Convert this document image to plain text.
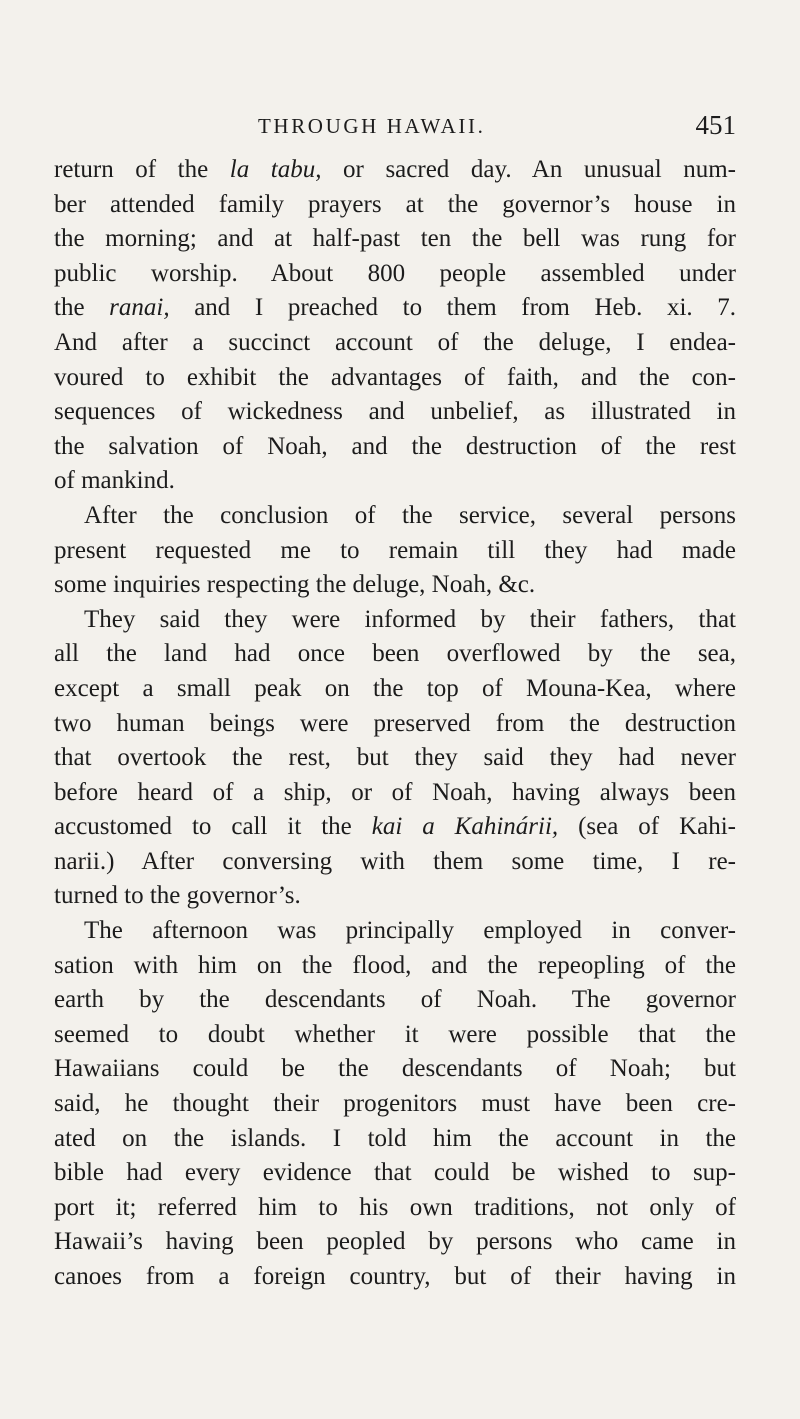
THROUGH HAWAII.	451
return of the la tabu, or sacred day. An unusual num-
ber attended family prayers at the governor’s house in
the morning; and at half-past ten the bell was rung for
public worship. About 800 people assembled under
the ranai, and I preached to them from Heb. xi. 7.
And after a succinct account of the deluge, I endea-
voured to exhibit the advantages of faith, and the con-
sequences of wickedness and unbelief, as illustrated in
the salvation of Noah, and the destruction of the rest
of mankind.
After the conclusion of the service, several persons
present requested me to remain till they had made
some inquiries respecting the deluge, Noah, &c.
They said they were informed by their fathers, that
all the land had once been overflowed by the sea,
except a small peak on the top of Mouna-Kea, where
two human beings were preserved from the destruction
that overtook the rest, but they said they had never
before heard of a ship, or of Noah, having always been
accustomed to call it the kai a Kahinárii, (sea of Kahi-
narii.) After conversing with them some time, I re-
turned to the governor’s.
The afternoon was principally employed in conver-
sation with him on the flood, and the repeopling of the
earth by the descendants of Noah. The governor
seemed to doubt whether it were possible that the
Hawaiians could be the descendants of Noah; but
said, he thought their progenitors must have been cre-
ated on the islands. I told him the account in the
bible had every evidence that could be wished to sup-
port it; referred him to his own traditions, not only of
Hawaii’s having been peopled by persons who came in
canoes from a foreign country, but of their having in
